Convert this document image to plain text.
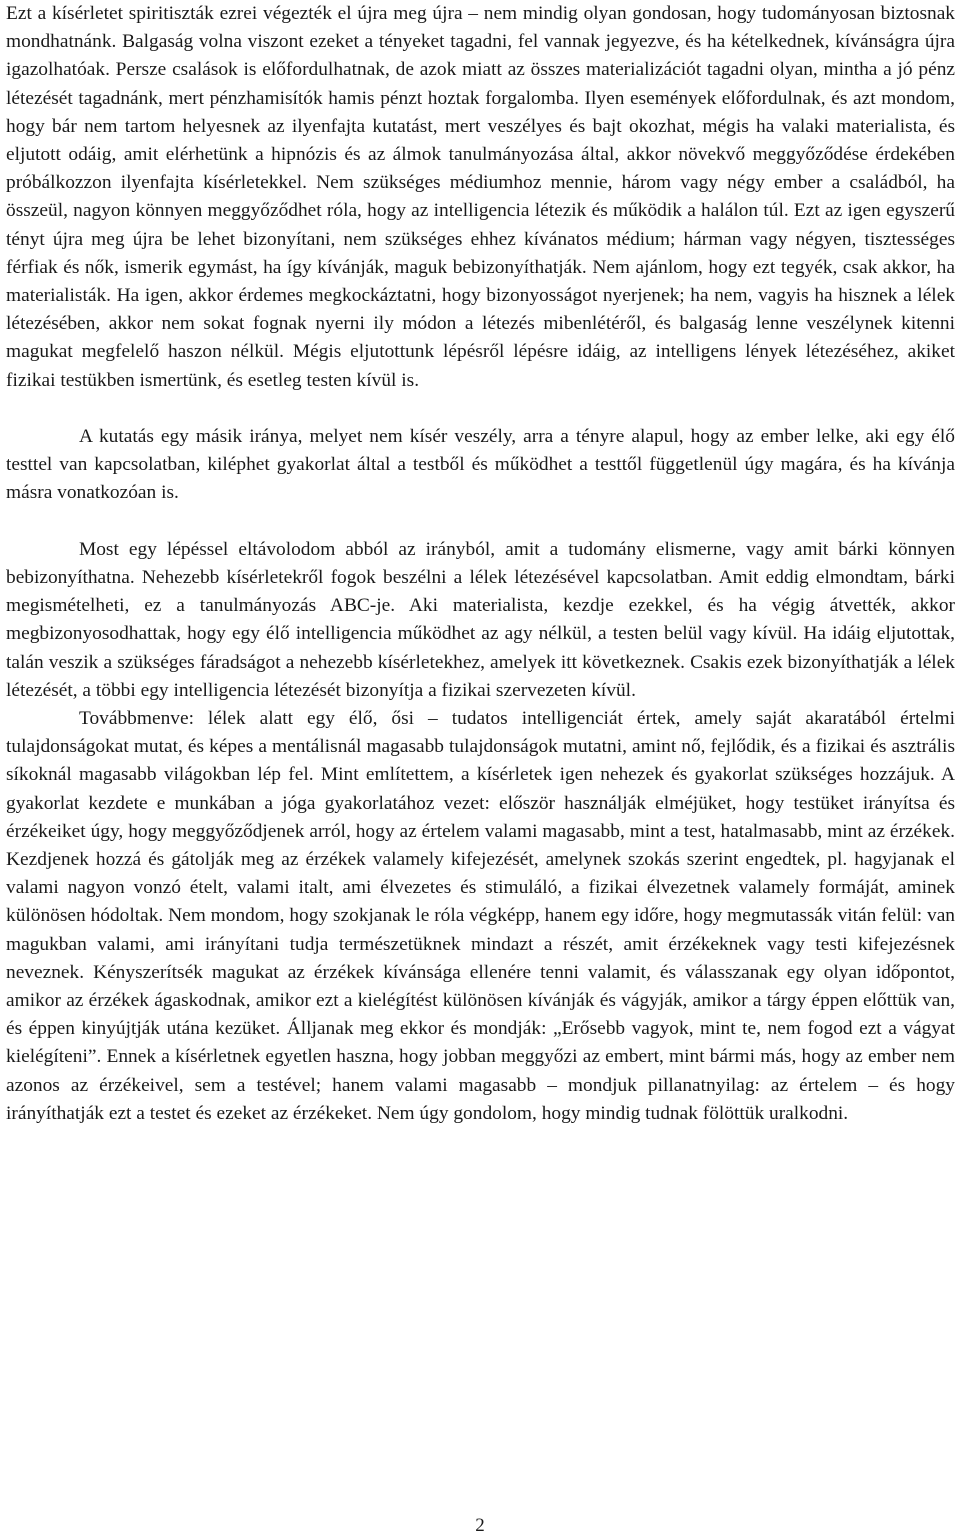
Ezt a kísérletet spiritiszták ezrei végezték el újra meg újra – nem mindig olyan gondosan, hogy tudományosan biztosnak mondhatnánk. Balgaság volna viszont ezeket a tényeket tagadni, fel vannak jegyezve, és ha kételkednek, kívánságra újra igazolhatóak. Persze csalások is előfordulhatnak, de azok miatt az összes materializációt tagadni olyan, mintha a jó pénz létezését tagadnánk, mert pénzhamisítók hamis pénzt hoztak forgalomba. Ilyen események előfordulnak, és azt mondom, hogy bár nem tartom helyesnek az ilyenfajta kutatást, mert veszélyes és bajt okozhat, mégis ha valaki materialista, és eljutott odáig, amit elérhetünk a hipnózis és az álmok tanulmányozása által, akkor növekvő meggyőződése érdekében próbálkozzon ilyenfajta kísérletekkel. Nem szükséges médiumhoz mennie, három vagy négy ember a családból, ha összeül, nagyon könnyen meggyőződhet róla, hogy az intelligencia létezik és működik a halálon túl. Ezt az igen egyszerű tényt újra meg újra be lehet bizonyítani, nem szükséges ehhez kívánatos médium; hárman vagy négyen, tisztességes férfiak és nők, ismerik egymást, ha így kívánják, maguk bebizonyíthatják. Nem ajánlom, hogy ezt tegyék, csak akkor, ha materialisták. Ha igen, akkor érdemes megkockáztatni, hogy bizonyosságot nyerjenek; ha nem, vagyis ha hisznek a lélek létezésében, akkor nem sokat fognak nyerni ily módon a létezés mibenlétéről, és balgaság lenne veszélynek kitenni magukat megfelelő haszon nélkül. Mégis eljutottunk lépésről lépésre idáig, az intelligens lények létezéséhez, akiket fizikai testükben ismertünk, és esetleg testen kívül is.

A kutatás egy másik iránya, melyet nem kísér veszély, arra a tényre alapul, hogy az ember lelke, aki egy élő testtel van kapcsolatban, kiléphet gyakorlat által a testből és működhet a testtől függetlenül úgy magára, és ha kívánja másra vonatkozóan is.

Most egy lépéssel eltávolodom abból az irányból, amit a tudomány elismerne, vagy amit bárki könnyen bebizonyíthatna. Nehezebb kísérletekről fogok beszélni a lélek létezésével kapcsolatban. Amit eddig elmondtam, bárki megismételheti, ez a tanulmányozás ABC-je. Aki materialista, kezdje ezekkel, és ha végig átvették, akkor megbizonyosodhattak, hogy egy élő intelligencia működhet az agy nélkül, a testen belül vagy kívül. Ha idáig eljutottak, talán veszik a szükséges fáradságot a nehezebb kísérletekhez, amelyek itt következnek. Csakis ezek bizonyíthatják a lélek létezését, a többi egy intelligencia létezését bizonyítja a fizikai szervezeten kívül.

Továbbmenve: lélek alatt egy élő, ősi – tudatos intelligenciát értek, amely saját akaratából értelmi tulajdonságokat mutat, és képes a mentálisnál magasabb tulajdonságok mutatni, amint nő, fejlődik, és a fizikai és asztrális síkoknál magasabb világokban lép fel. Mint említettem, a kísérletek igen nehezek és gyakorlat szükséges hozzájuk. A gyakorlat kezdete e munkában a jóga gyakorlatához vezet: először használják elméjüket, hogy testüket irányítsa és érzékeiket úgy, hogy meggyőződjenek arról, hogy az értelem valami magasabb, mint a test, hatalmasabb, mint az érzékek. Kezdjenek hozzá és gátolják meg az érzékek valamely kifejezését, amelynek szokás szerint engedtek, pl. hagyjanak el valami nagyon vonzó ételt, valami italt, ami élvezetes és stimuláló, a fizikai élvezetnek valamely formáját, aminek különösen hódoltak. Nem mondom, hogy szokjanak le róla végképp, hanem egy időre, hogy megmutassák vitán felül: van magukban valami, ami irányítani tudja természetüknek mindazt a részét, amit érzékeknek vagy testi kifejezésnek neveznek. Kényszerítsék magukat az érzékek kívánsága ellenére tenni valamit, és válasszanak egy olyan időpontot, amikor az érzékek ágaskodnak, amikor ezt a kielégítést különösen kívánják és vágyják, amikor a tárgy éppen előttük van, és éppen kinyújtják utána kezüket. Álljanak meg ekkor és mondják: „Erősebb vagyok, mint te, nem fogod ezt a vágyat kielégíteni”. Ennek a kísérletnek egyetlen haszna, hogy jobban meggyőzi az embert, mint bármi más, hogy az ember nem azonos az érzékeivel, sem a testével; hanem valami magasabb – mondjuk pillanatnyilag: az értelem – és hogy irányíthatják ezt a testet és ezeket az érzékeket. Nem úgy gondolom, hogy mindig tudnak fölöttük uralkodni.

2
